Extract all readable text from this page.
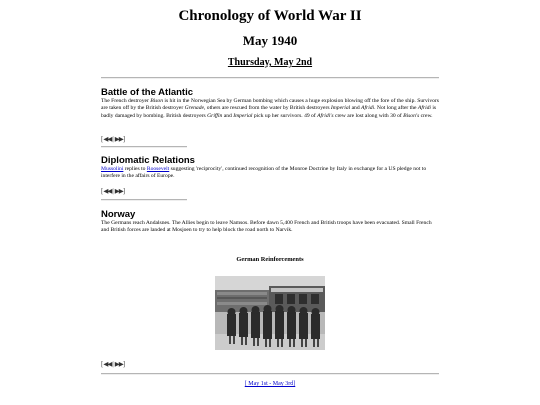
Chronology of World War II
May 1940
Thursday, May 2nd
Battle of the Atlantic
The French destroyer Bison is hit in the Norwegian Sea by German bombing which causes a huge explosion blowing off the fore of the ship. Survivors are taken off by the British destroyer Grenade, others are rescued from the water by British destroyers Imperial and Afridi. Not long after the Afridi is badly damaged by bombing. British destroyers Griffin and Imperial pick up her survivors. 49 of Afridi's crew are lost along with 30 of Bison's crew.
[◀◀|▶▶]
Diplomatic Relations
Mussolini replies to Roosevelt suggesting 'reciprocity', continued recognition of the Monroe Doctrine by Italy in exchange for a US pledge not to interfere in the affairs of Europe.
[◀◀|▶▶]
Norway
The Germans reach Andalsnes. The Allies begin to leave Namsos. Before dawn 5,400 French and British troops have been evacuated. Small French and British forces are landed at Mosjoen to try to help block the road north to Narvik.
German Reinforcements
[◀◀|▶▶]
[ May 1st - May 3rd]
